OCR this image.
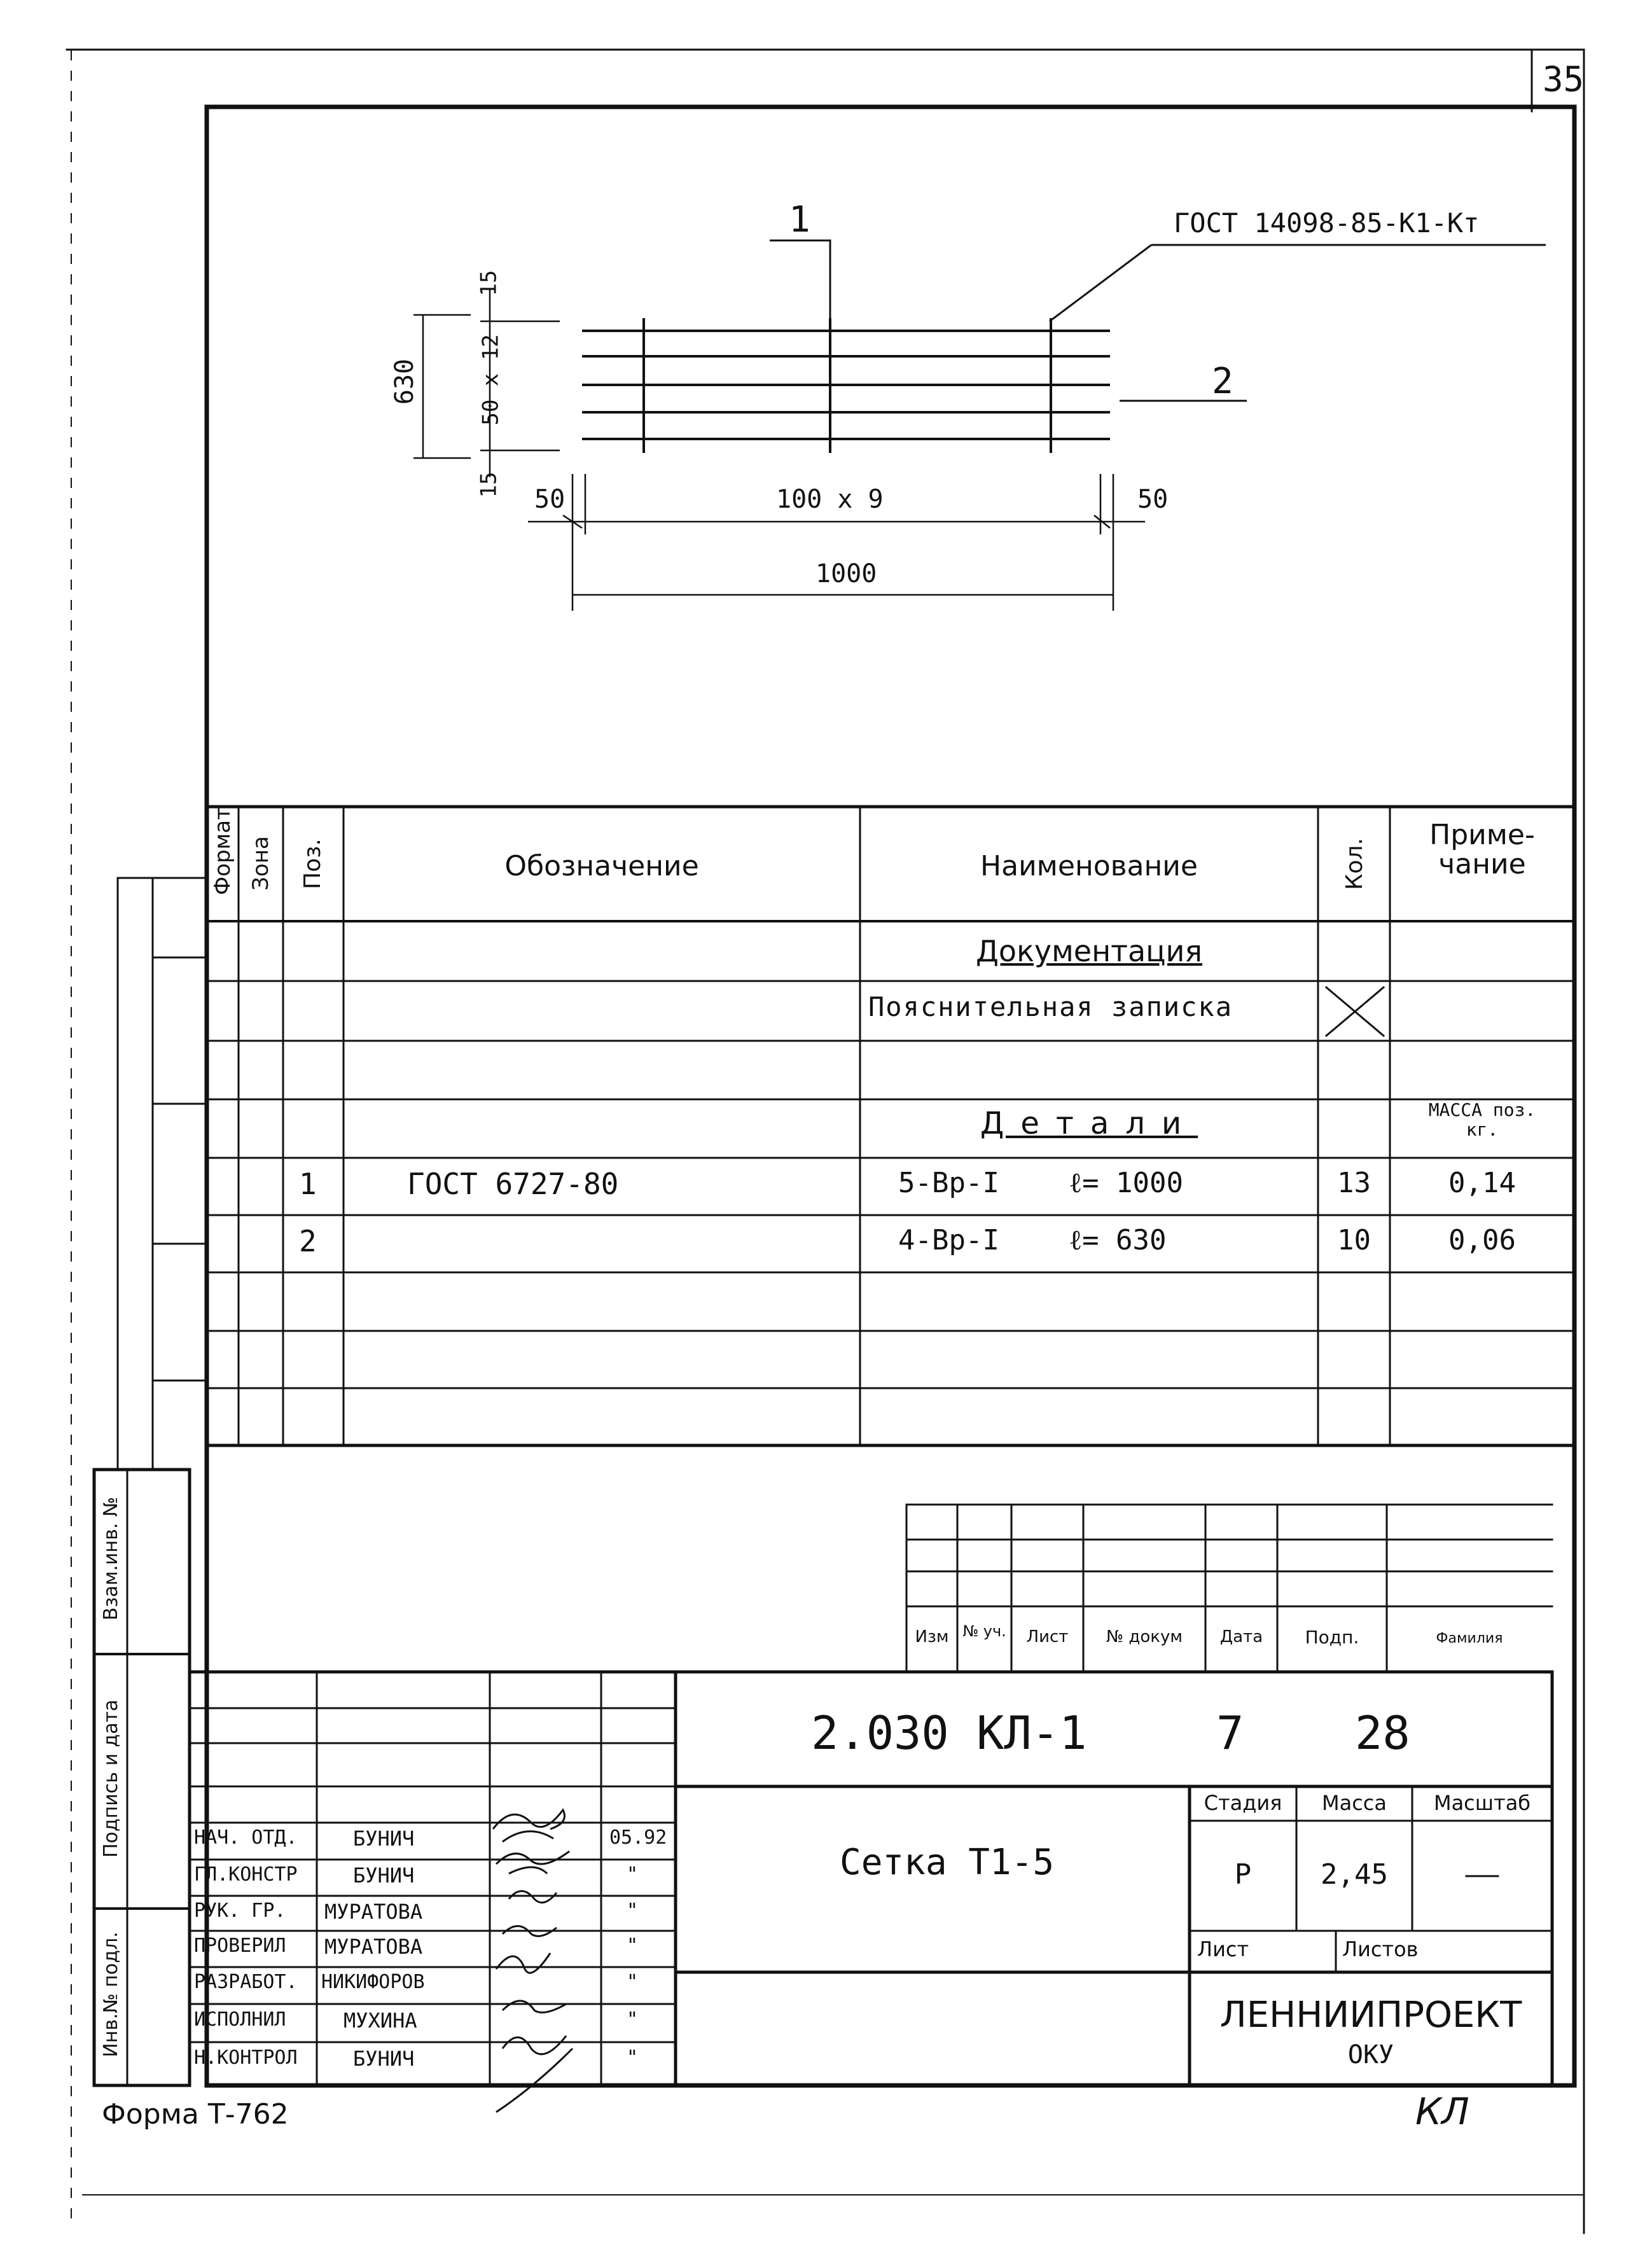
35
1	ГОСТ 14098-85-К1-Кт
2
630	50 x 12
15
15 50	100 x 9	50
1000
Формат Зона Поз.	Обозначение	Наименование	Кол.
Приме-
чание
Документация
Пояснительная записка
Детали	МАССА поз.
кг.
1	ГОСТ 6727-80	5-Вр-I ℓ= 1000	13	0,14
2	4-Вр-I ℓ= 630	10	0,06
Взам.инв. №
Подпись и дата
Инв.№ подл.
Изм № уч.	Лист	№ докум	Дата	Подп.	Фамилия
2.030 КЛ-1	7 28
Сетка Т1-5
Стадия	Масса	Масштаб
Р	2,45	——
Лист	Листов
ЛЕННИИПРОЕКТ
ОКУ
НАЧ. ОТД.	БУНИЧ	05.92
ГЛ.КОНСТР	БУНИЧ	"
РУК. ГР. МУРАТОВА	"
ПРОВЕРИЛ МУРАТОВА	"
РАЗРАБОТ. НИКИФОРОВ	"
ИСПОЛНИЛ	МУХИНА	"
Н.КОНТРОЛ	БУНИЧ	"
Форма Т-762	КЛ
